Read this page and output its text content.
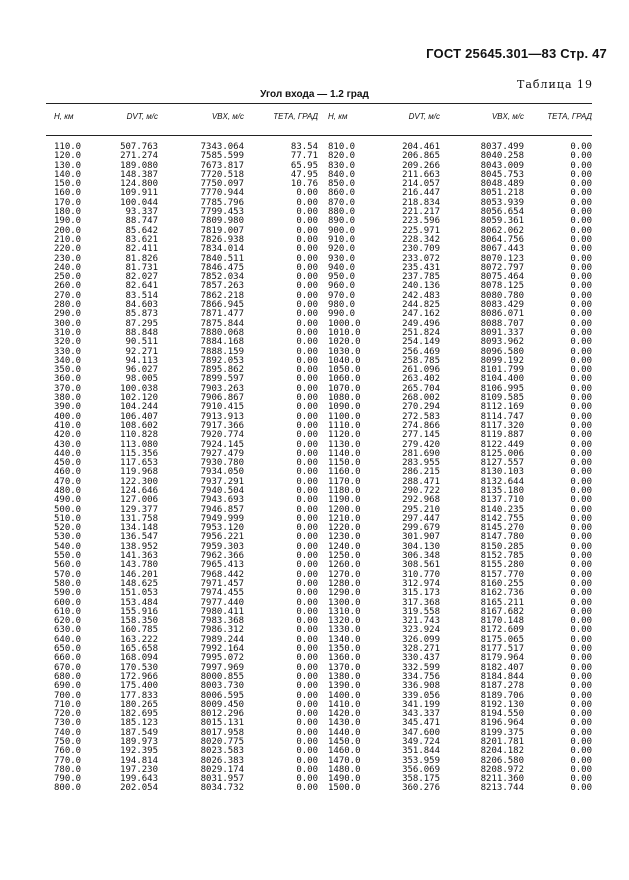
ГОСТ 25645.301—83 Стр. 47
Таблица 19
Угол входа — 1.2 град
Н, км	DVT, м/с	VBX, м/с	ТЕТА, ГРАД	Н, км	DVT, м/с	VBX, м/с	ТЕТА, ГРАД
110.0	507.763	7343.064	83.54	810.0	204.461	8037.499	0.00
120.0	271.274	7585.599	77.71	820.0	206.865	8040.258	0.00
130.0	189.080	7673.817	65.95	830.0	209.266	8043.009	0.00
140.0	148.387	7720.518	47.95	840.0	211.663	8045.753	0.00
150.0	124.800	7750.097	10.76	850.0	214.057	8048.489	0.00
160.0	109.911	7770.944	0.00	860.0	216.447	8051.218	0.00
170.0	100.044	7785.796	0.00	870.0	218.834	8053.939	0.00
180.0	93.337	7799.453	0.00	880.0	221.217	8056.654	0.00
190.0	88.747	7809.980	0.00	890.0	223.596	8059.361	0.00
200.0	85.642	7819.007	0.00	900.0	225.971	8062.062	0.00
210.0	83.621	7826.938	0.00	910.0	228.342	8064.756	0.00
220.0	82.411	7834.014	0.00	920.0	230.709	8067.443	0.00
230.0	81.826	7840.511	0.00	930.0	233.072	8070.123	0.00
240.0	81.731	7846.475	0.00	940.0	235.431	8072.797	0.00
250.0	82.027	7852.034	0.00	950.0	237.785	8075.464	0.00
260.0	82.641	7857.263	0.00	960.0	240.136	8078.125	0.00
270.0	83.514	7862.218	0.00	970.0	242.483	8080.780	0.00
280.0	84.603	7866.945	0.00	980.0	244.825	8083.429	0.00
290.0	85.873	7871.477	0.00	990.0	247.162	8086.071	0.00
300.0	87.295	7875.844	0.00	1000.0	249.496	8088.707	0.00
310.0	88.848	7880.068	0.00	1010.0	251.824	8091.337	0.00
320.0	90.511	7884.168	0.00	1020.0	254.149	8093.962	0.00
330.0	92.271	7888.159	0.00	1030.0	256.469	8096.580	0.00
340.0	94.113	7892.053	0.00	1040.0	258.785	8099.192	0.00
350.0	96.027	7895.862	0.00	1050.0	261.096	8101.799	0.00
360.0	98.005	7899.597	0.00	1060.0	263.402	8104.400	0.00
370.0	100.038	7903.263	0.00	1070.0	265.704	8106.995	0.00
380.0	102.120	7906.867	0.00	1080.0	268.002	8109.585	0.00
390.0	104.244	7910.415	0.00	1090.0	270.294	8112.169	0.00
400.0	106.407	7913.913	0.00	1100.0	272.583	8114.747	0.00
410.0	108.602	7917.366	0.00	1110.0	274.866	8117.320	0.00
420.0	110.828	7920.774	0.00	1120.0	277.145	8119.887	0.00
430.0	113.080	7924.145	0.00	1130.0	279.420	8122.449	0.00
440.0	115.356	7927.479	0.00	1140.0	281.690	8125.006	0.00
450.0	117.653	7930.780	0.00	1150.0	283.955	8127.557	0.00
460.0	119.968	7934.050	0.00	1160.0	286.215	8130.103	0.00
470.0	122.300	7937.291	0.00	1170.0	288.471	8132.644	0.00
480.0	124.646	7940.504	0.00	1180.0	290.722	8135.180	0.00
490.0	127.006	7943.693	0.00	1190.0	292.968	8137.710	0.00
500.0	129.377	7946.857	0.00	1200.0	295.210	8140.235	0.00
510.0	131.758	7949.999	0.00	1210.0	297.447	8142.755	0.00
520.0	134.148	7953.120	0.00	1220.0	299.679	8145.270	0.00
530.0	136.547	7956.221	0.00	1230.0	301.907	8147.780	0.00
540.0	138.952	7959.303	0.00	1240.0	304.130	8150.285	0.00
550.0	141.363	7962.366	0.00	1250.0	306.348	8152.785	0.00
560.0	143.780	7965.413	0.00	1260.0	308.561	8155.280	0.00
570.0	146.201	7968.442	0.00	1270.0	310.770	8157.770	0.00
580.0	148.625	7971.457	0.00	1280.0	312.974	8160.255	0.00
590.0	151.053	7974.455	0.00	1290.0	315.173	8162.736	0.00
600.0	153.484	7977.440	0.00	1300.0	317.368	8165.211	0.00
610.0	155.916	7980.411	0.00	1310.0	319.558	8167.682	0.00
620.0	158.350	7983.368	0.00	1320.0	321.743	8170.148	0.00
630.0	160.785	7986.312	0.00	1330.0	323.924	8172.609	0.00
640.0	163.222	7989.244	0.00	1340.0	326.099	8175.065	0.00
650.0	165.658	7992.164	0.00	1350.0	328.271	8177.517	0.00
660.0	168.094	7995.072	0.00	1360.0	330.437	8179.964	0.00
670.0	170.530	7997.969	0.00	1370.0	332.599	8182.407	0.00
680.0	172.966	8000.855	0.00	1380.0	334.756	8184.844	0.00
690.0	175.400	8003.730	0.00	1390.0	336.908	8187.278	0.00
700.0	177.833	8006.595	0.00	1400.0	339.056	8189.706	0.00
710.0	180.265	8009.450	0.00	1410.0	341.199	8192.130	0.00
720.0	182.695	8012.296	0.00	1420.0	343.337	8194.550	0.00
730.0	185.123	8015.131	0.00	1430.0	345.471	8196.964	0.00
740.0	187.549	8017.958	0.00	1440.0	347.600	8199.375	0.00
750.0	189.973	8020.775	0.00	1450.0	349.724	8201.781	0.00
760.0	192.395	8023.583	0.00	1460.0	351.844	8204.182	0.00
770.0	194.814	8026.383	0.00	1470.0	353.959	8206.580	0.00
780.0	197.230	8029.174	0.00	1480.0	356.069	8208.972	0.00
790.0	199.643	8031.957	0.00	1490.0	358.175	8211.360	0.00
800.0	202.054	8034.732	0.00	1500.0	360.276	8213.744	0.00
